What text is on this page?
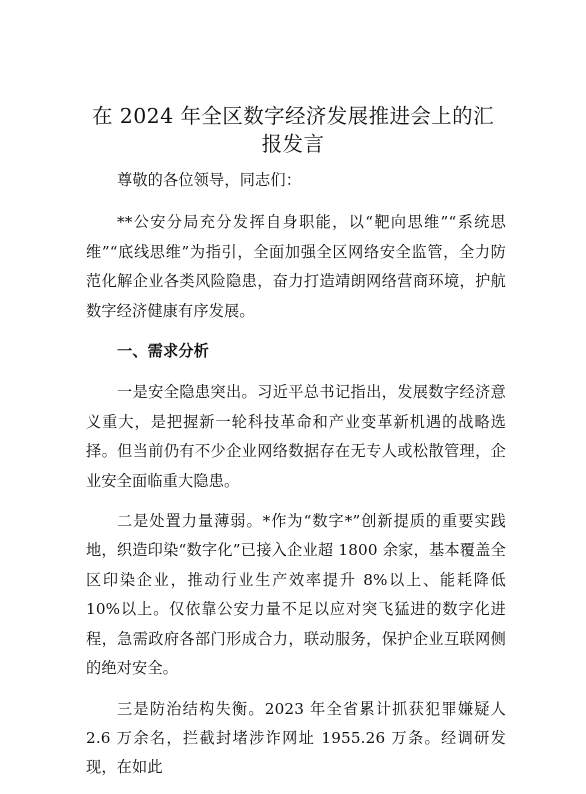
在 2024 年全区数字经济发展推进会上的汇报发言

尊敬的各位领导，同志们：

**公安分局充分发挥自身职能，以“靶向思维”“系统思维”“底线思维”为指引，全面加强全区网络安全监管，全力防范化解企业各类风险隐患，奋力打造靖朗网络营商环境，护航数字经济健康有序发展。

一、需求分析

一是安全隐患突出。习近平总书记指出，发展数字经济意义重大，是把握新一轮科技革命和产业变革新机遇的战略选择。但当前仍有不少企业网络数据存在无专人或松散管理，企业安全面临重大隐患。

二是处置力量薄弱。*作为“数字*”创新提质的重要实践地，织造印染“数字化”已接入企业超 1800 余家，基本覆盖全区印染企业，推动行业生产效率提升 8%以上、能耗降低 10%以上。仅依靠公安力量不足以应对突飞猛进的数字化进程，急需政府各部门形成合力，联动服务，保护企业互联网侧的绝对安全。

三是防治结构失衡。2023 年全省累计抓获犯罪嫌疑人 2.6 万余名，拦截封堵涉诈网址 1955.26 万条。经调研发现，在如此
